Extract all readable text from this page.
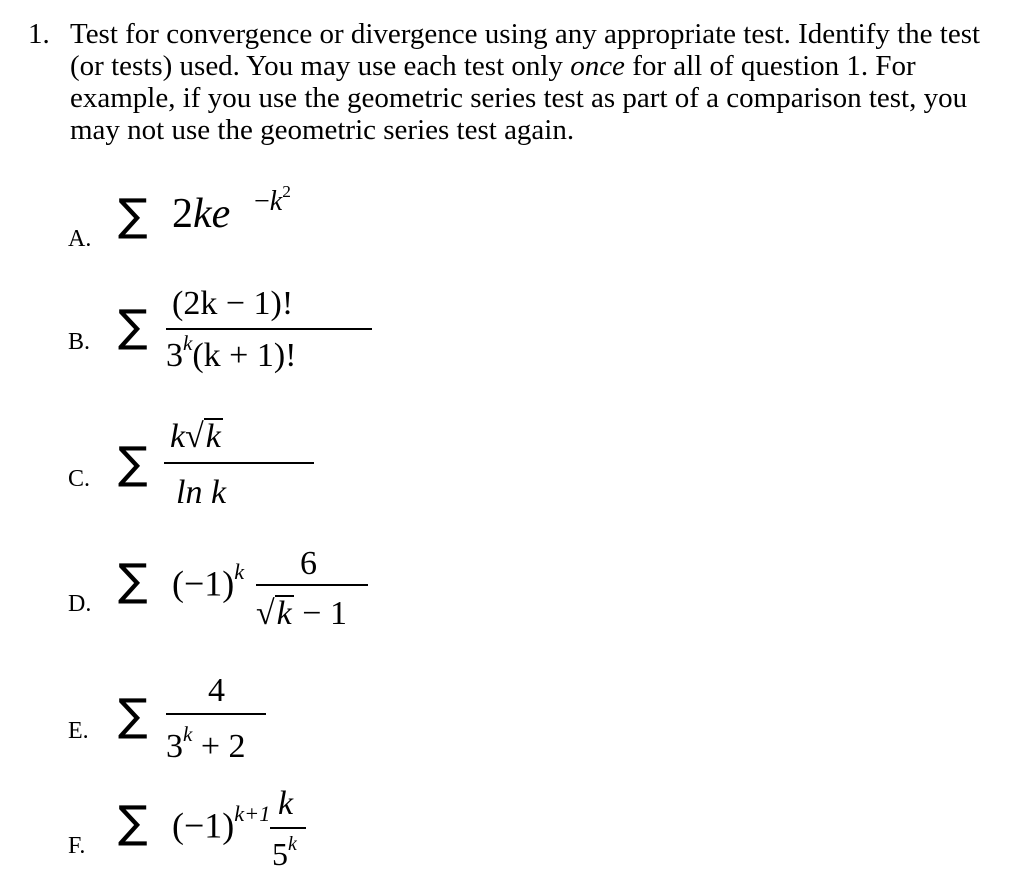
1. Test for convergence or divergence using any appropriate test. Identify the test (or tests) used. You may use each test only once for all of question 1. For example, if you use the geometric series test as part of a comparison test, you may not use the geometric series test again.
A. ∑ $2ke -k^2$
B. ∑ (2k − 1)!
$3^k(k + 1)$!
C. ∑
k√k
ln k
D. ∑ $(-1)^k$ 6
√k − 1
E. ∑ 4
$3^k + 2$
F. ∑ $(-1)^{k+1}$ k
5$^k$
